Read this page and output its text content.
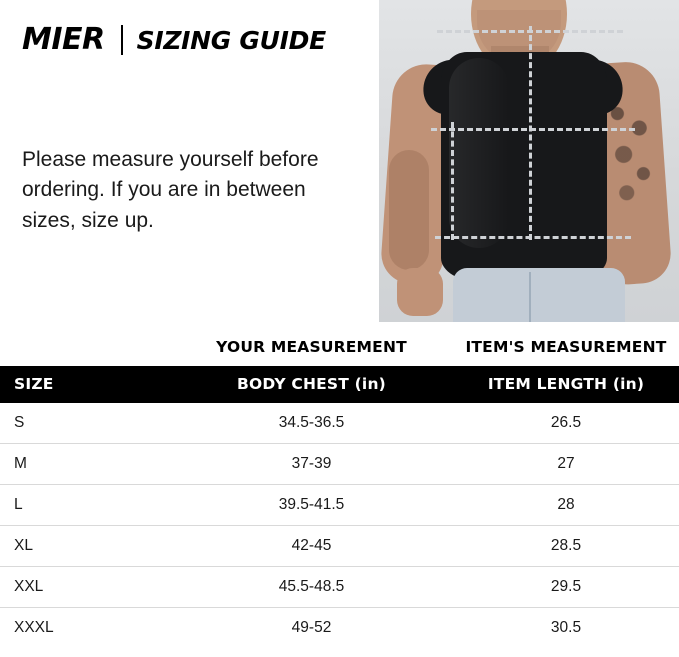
MIER SIZING GUIDE
Please measure yourself before ordering. If you are in between sizes, size up.
	YOUR MEASUREMENT	ITEM'S MEASUREMENT
SIZE	BODY CHEST (in)	ITEM LENGTH (in)
S	34.5-36.5	26.5
M	37-39	27
L	39.5-41.5	28
XL	42-45	28.5
XXL	45.5-48.5	29.5
XXXL	49-52	30.5
